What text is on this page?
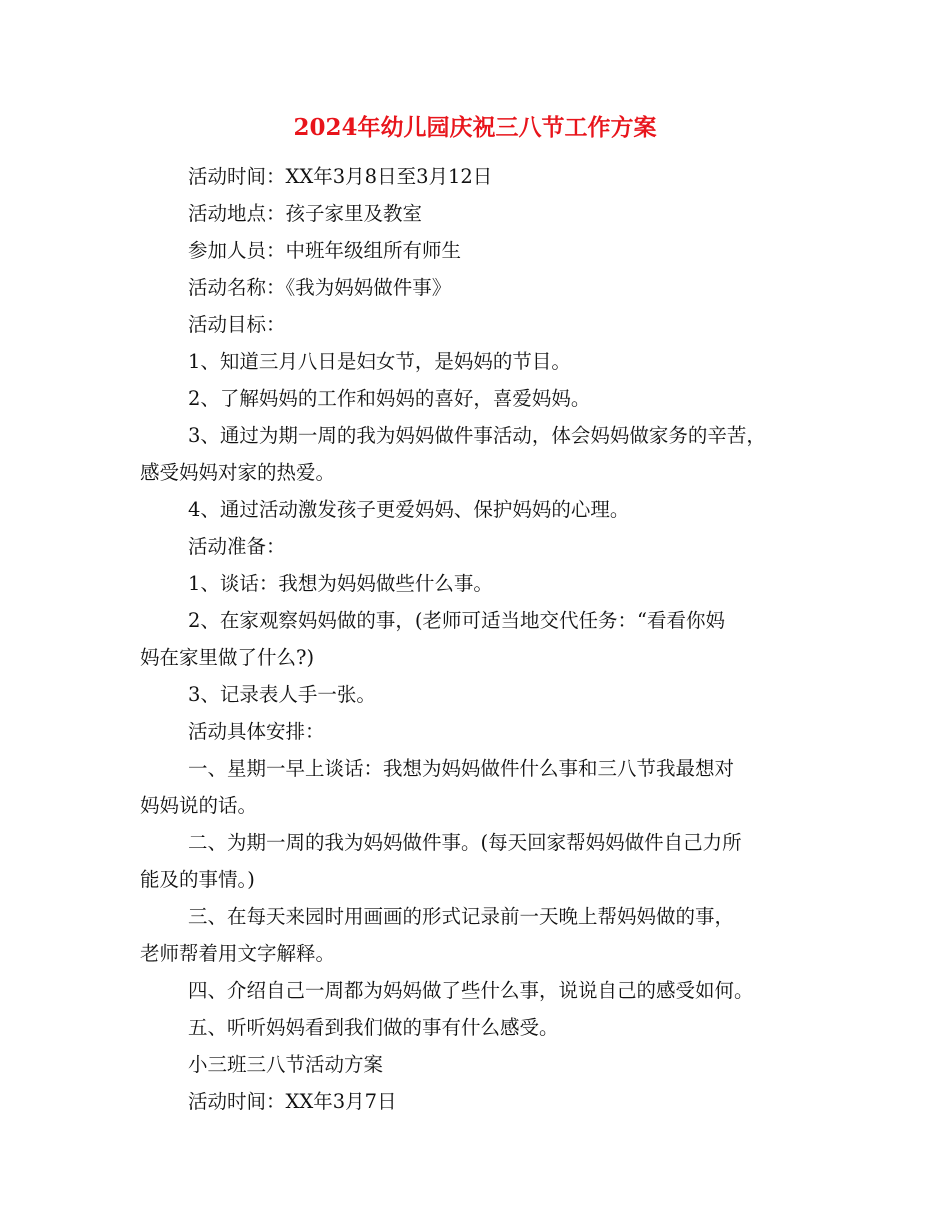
2024年幼儿园庆祝三八节工作方案

活动时间：XX年3月8日至3月12日

活动地点：孩子家里及教室

参加人员：中班年级组所有师生

活动名称：《我为妈妈做件事》

活动目标：

1、知道三月八日是妇女节，是妈妈的节目。

2、了解妈妈的工作和妈妈的喜好，喜爱妈妈。

3、通过为期一周的我为妈妈做件事活动，体会妈妈做家务的辛苦，

感受妈妈对家的热爱。

4、通过活动激发孩子更爱妈妈、保护妈妈的心理。

活动准备：

1、谈话：我想为妈妈做些什么事。

2、在家观察妈妈做的事，(老师可适当地交代任务：“看看你妈

妈在家里做了什么?)

3、记录表人手一张。

活动具体安排：

一、星期一早上谈话：我想为妈妈做件什么事和三八节我最想对

妈妈说的话。

二、为期一周的我为妈妈做件事。(每天回家帮妈妈做件自己力所

能及的事情。)

三、在每天来园时用画画的形式记录前一天晚上帮妈妈做的事，

老师帮着用文字解释。

四、介绍自己一周都为妈妈做了些什么事，说说自己的感受如何。

五、听听妈妈看到我们做的事有什么感受。

小三班三八节活动方案

活动时间：XX年3月7日
